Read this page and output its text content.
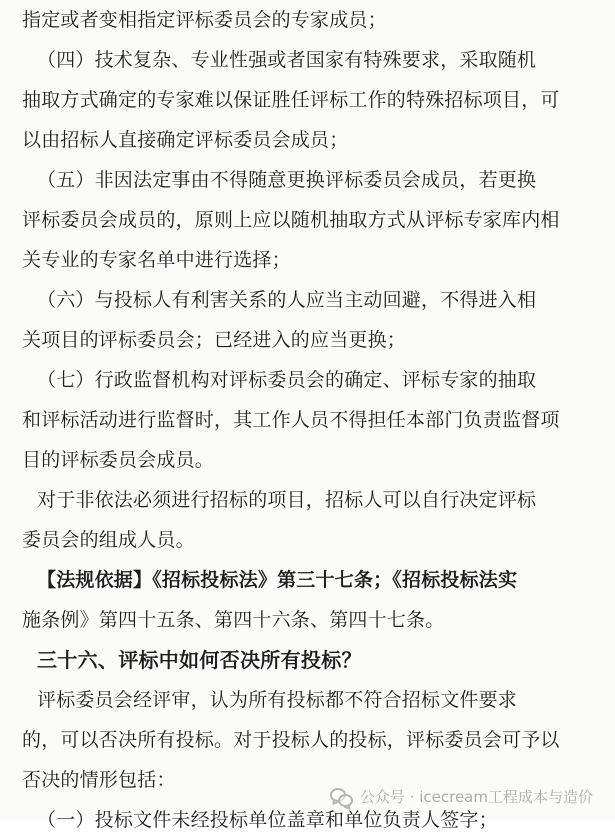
指定或者变相指定评标委员会的专家成员；
（四）技术复杂、专业性强或者国家有特殊要求，采取随机
抽取方式确定的专家难以保证胜任评标工作的特殊招标项目，可
以由招标人直接确定评标委员会成员；
（五）非因法定事由不得随意更换评标委员会成员，若更换
评标委员会成员的，原则上应以随机抽取方式从评标专家库内相
关专业的专家名单中进行选择；
（六）与投标人有利害关系的人应当主动回避，不得进入相
关项目的评标委员会；已经进入的应当更换；
（七）行政监督机构对评标委员会的确定、评标专家的抽取
和评标活动进行监督时，其工作人员不得担任本部门负责监督项
目的评标委员会成员。
对于非依法必须进行招标的项目，招标人可以自行决定评标
委员会的组成人员。
【法规依据】《招标投标法》第三十七条；《招标投标法实
施条例》第四十五条、第四十六条、第四十七条。
三十六、评标中如何否决所有投标？
评标委员会经评审，认为所有投标都不符合招标文件要求
的，可以否决所有投标。对于投标人的投标，评标委员会可予以
否决的情形包括：
（一）投标文件未经投标单位盖章和单位负责人签字；
公众号 · icecream工程成本与造价
